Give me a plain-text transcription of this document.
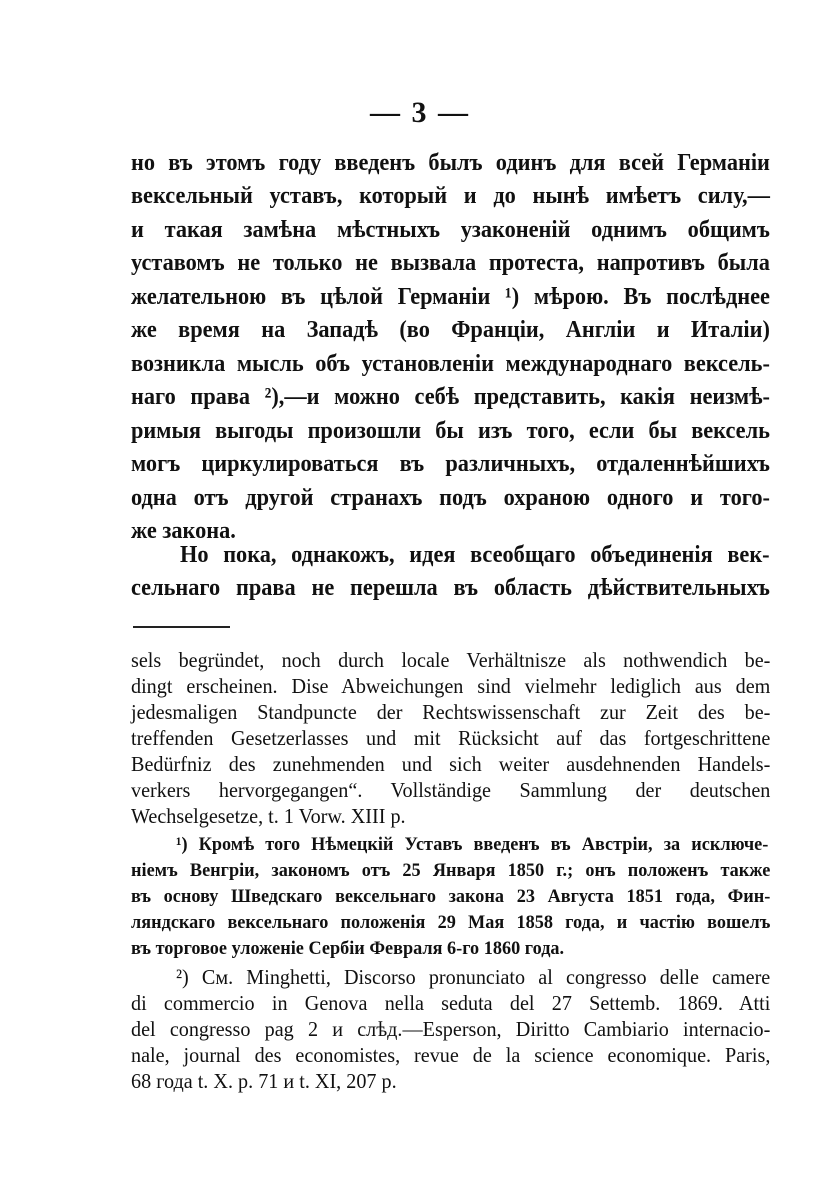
— 3 —
но въ этомъ году введенъ былъ одинъ для всей Германіи
вексельный уставъ, который и до нынѣ имѣетъ силу,—
и такая замѣна мѣстныхъ узаконеній однимъ общимъ
уставомъ не только не вызвала протеста, напротивъ была
желательною въ цѣлой Германіи ¹) мѣрою. Въ послѣднее
же время на Западѣ (во Франціи, Англіи и Италіи)
возникла мысль объ установленіи международнаго вексель-
наго права ²),—и можно себѣ представить, какія неизмѣ-
римыя выгоды произошли бы изъ того, если бы вексель
могъ циркулироваться въ различныхъ, отдаленнѣйшихъ
одна отъ другой странахъ подъ охраною одного и того-
же закона.
Но пока, однакожъ, идея всеобщаго объединенія век-
сельнаго права не перешла въ область дѣйствительныхъ
sels begründet, noch durch locale Verhältnisze als nothwendich be-
dingt erscheinen. Dise Abweichungen sind vielmehr lediglich aus dem
jedesmaligen Standpuncte der Rechtswissenschaft zur Zeit des be-
treffenden Gesetzerlasses und mit Rücksicht auf das fortgeschrittene
Bedürfniz des zunehmenden und sich weiter ausdehnenden Handels-
verkers hervorgegangen“. Vollständige Sammlung der deutschen
Wechselgesetze, t. 1 Vorw. XIII p.
¹) Кромѣ того Нѣмецкій Уставъ введенъ въ Австріи, за исключе-
ніемъ Венгріи, закономъ отъ 25 Января 1850 г.; онъ положенъ также
въ основу Шведскаго вексельнаго закона 23 Августа 1851 года, Фин-
ляндскаго вексельнаго положенія 29 Мая 1858 года, и частію вошелъ
въ торговое уложеніе Сербіи Февраля 6-го 1860 года.
²) См. Minghetti, Discorso pronunciato al congresso delle camere
di commercio in Genova nella seduta del 27 Settemb. 1869. Atti
del congresso pag 2 и слѣд.—Esperson, Diritto Cambiario internacio-
nale, journal des economistes, revue de la science economique. Paris,
68 года t. X. p. 71 и t. XI, 207 p.
